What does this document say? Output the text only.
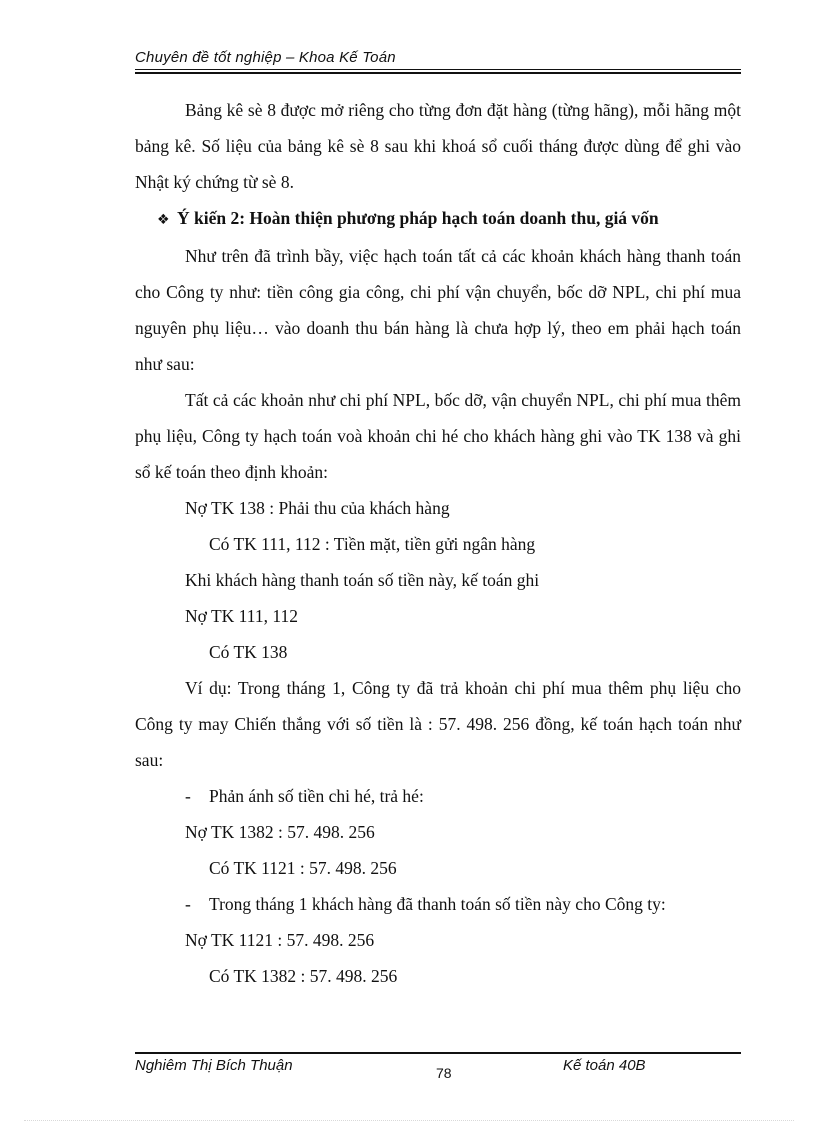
Chuyên đề tốt nghiệp – Khoa Kế Toán

Bảng kê sè 8 được mở riêng cho từng đơn đặt hàng (từng hãng), mỗi hãng một bảng kê. Số liệu của bảng kê sè 8 sau khi khoá sổ cuối tháng được dùng để ghi vào Nhật ký chứng từ sè 8.

❖ Ý kiến 2: Hoàn thiện phương pháp hạch toán doanh thu, giá vốn

Như trên đã trình bầy, việc hạch toán tất cả các khoản khách hàng thanh toán cho Công ty như: tiền công gia công, chi phí vận chuyển, bốc dỡ NPL, chi phí mua nguyên phụ liệu… vào doanh thu bán hàng là chưa hợp lý, theo em phải hạch toán như sau:

Tất cả các khoản như chi phí NPL, bốc dỡ, vận chuyển NPL, chi phí mua thêm phụ liệu, Công ty hạch toán voà khoản chi hé cho khách hàng ghi vào TK 138 và ghi sổ kế toán theo định khoản:

Nợ TK 138 : Phải thu của khách hàng

Có TK 111, 112 : Tiền mặt, tiền gửi ngân hàng

Khi khách hàng thanh toán số tiền này, kế toán ghi

Nợ TK 111, 112

Có TK 138

Ví dụ: Trong tháng 1, Công ty đã trả khoản chi phí mua thêm phụ liệu cho Công ty may Chiến thắng với số tiền là : 57. 498. 256 đồng, kế toán hạch toán như sau:

- Phản ánh số tiền chi hé, trả hé:

Nợ TK 1382 : 57. 498. 256

Có TK 1121 : 57. 498. 256

- Trong tháng 1 khách hàng đã thanh toán số tiền này cho Công ty:

Nợ TK 1121 : 57. 498. 256

Có TK 1382 : 57. 498. 256

Nghiêm Thị Bích Thuận	78	Kế toán 40B
